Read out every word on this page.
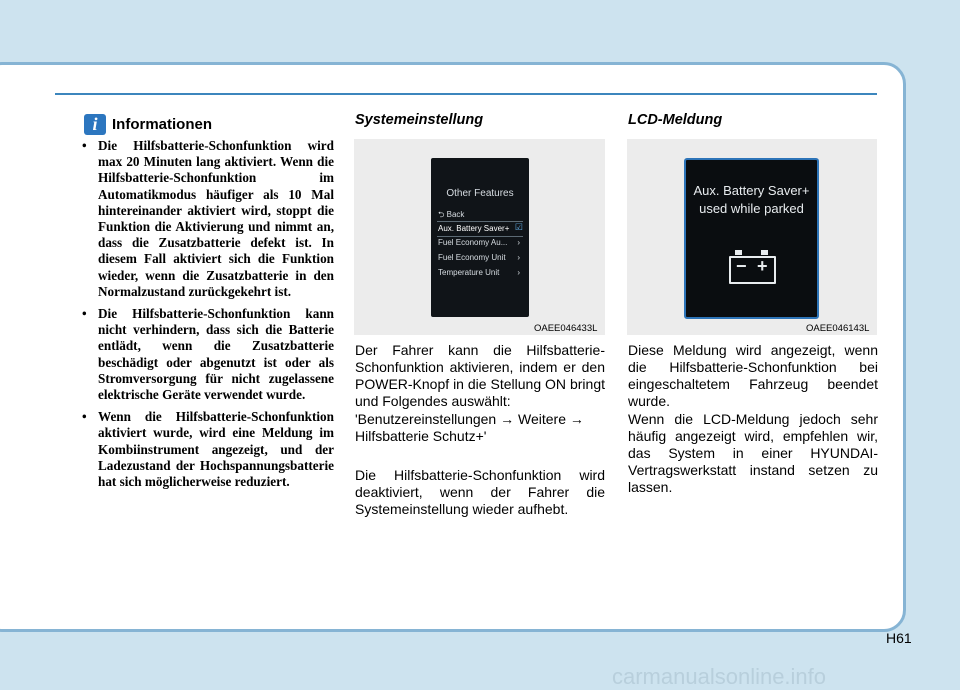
i Informationen
• Die Hilfsbatterie-Schonfunktion wird max 20 Minuten lang aktiviert. Wenn die Hilfsbatterie-Schonfunktion im Automatikmodus häufiger als 10 Mal hintereinander aktiviert wird, stoppt die Funktion die Aktivierung und nimmt an, dass die Zusatzbatterie defekt ist. In diesem Fall aktiviert sich die Funktion wieder, wenn die Zusatzbatterie in den Normalzustand zurückgekehrt ist.
• Die Hilfsbatterie-Schonfunktion kann nicht verhindern, dass sich die Batterie entlädt, wenn die Zusatzbatterie beschädigt oder abgenutzt ist oder als Stromversorgung für nicht zugelassene elektrische Geräte verwendet wurde.
• Wenn die Hilfsbatterie-Schonfunktion aktiviert wurde, wird eine Meldung im Kombiinstrument angezeigt, und der Ladezustand der Hochspannungsbatterie hat sich möglicherweise reduziert.
Systemeinstellung
Other Features
⮌ Back
Aux. Battery Saver+ ☑
Fuel Economy Au... ›
Fuel Economy Unit ›
Temperature Unit ›
OAEE046433L

Der Fahrer kann die Hilfsbatterie-Schonfunktion aktivieren, indem er den POWER-Knopf in die Stellung ON bringt und Folgendes auswählt:

'Benutzereinstellungen → Weitere → Hilfsbatterie Schutz+'

Die Hilfsbatterie-Schonfunktion wird deaktiviert, wenn der Fahrer die Systemeinstellung wieder aufhebt.

LCD-Meldung
Aux. Battery Saver+ used while parked
− +
OAEE046143L

Diese Meldung wird angezeigt, wenn die Hilfsbatterie-Schonfunktion bei eingeschaltetem Fahrzeug beendet wurde.

Wenn die LCD-Meldung jedoch sehr häufig angezeigt wird, empfehlen wir, das System in einer HYUNDAI-Vertragswerkstatt instand setzen zu lassen.

H61
carmanualsonline.info
